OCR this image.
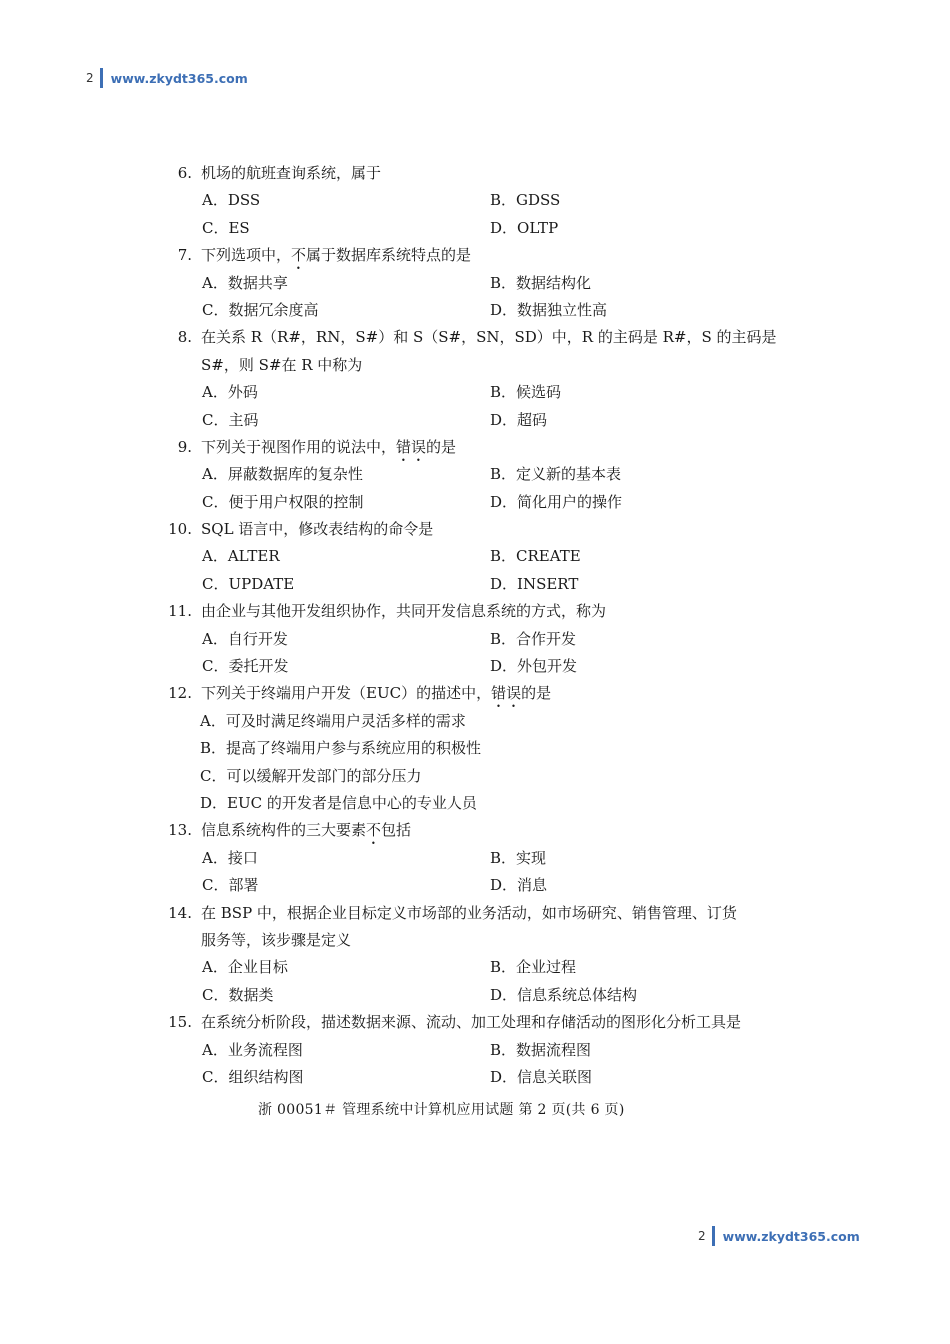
2 www.zkydt365.com
6. 机场的航班查询系统，属于
A．DSS	B．GDSS
C．ES	D．OLTP
7. 下列选项中，不属于数据库系统特点的是
A．数据共享	B．数据结构化
C．数据冗余度高	D．数据独立性高
8. 在关系 R（R#，RN，S#）和 S（S#，SN，SD）中，R 的主码是 R#，S 的主码是
S#，则 S#在 R 中称为
A．外码	B．候选码
C．主码	D．超码
9. 下列关于视图作用的说法中，错误的是
A．屏蔽数据库的复杂性	B．定义新的基本表
C．便于用户权限的控制	D．简化用户的操作
10. SQL 语言中，修改表结构的命令是
A．ALTER	B．CREATE
C．UPDATE	D．INSERT
11. 由企业与其他开发组织协作，共同开发信息系统的方式，称为
A．自行开发	B．合作开发
C．委托开发	D．外包开发
12. 下列关于终端用户开发（EUC）的描述中，错误的是
A．可及时满足终端用户灵活多样的需求
B．提高了终端用户参与系统应用的积极性
C．可以缓解开发部门的部分压力
D．EUC 的开发者是信息中心的专业人员
13. 信息系统构件的三大要素不包括
A．接口	B．实现
C．部署	D．消息
14. 在 BSP 中，根据企业目标定义市场部的业务活动，如市场研究、销售管理、订货
服务等，该步骤是定义
A．企业目标	B．企业过程
C．数据类	D．信息系统总体结构
15. 在系统分析阶段，描述数据来源、流动、加工处理和存储活动的图形化分析工具是
A．业务流程图	B．数据流程图
C．组织结构图	D．信息关联图
浙 00051＃ 管理系统中计算机应用试题 第 2 页(共 6 页)
2 www.zkydt365.com
